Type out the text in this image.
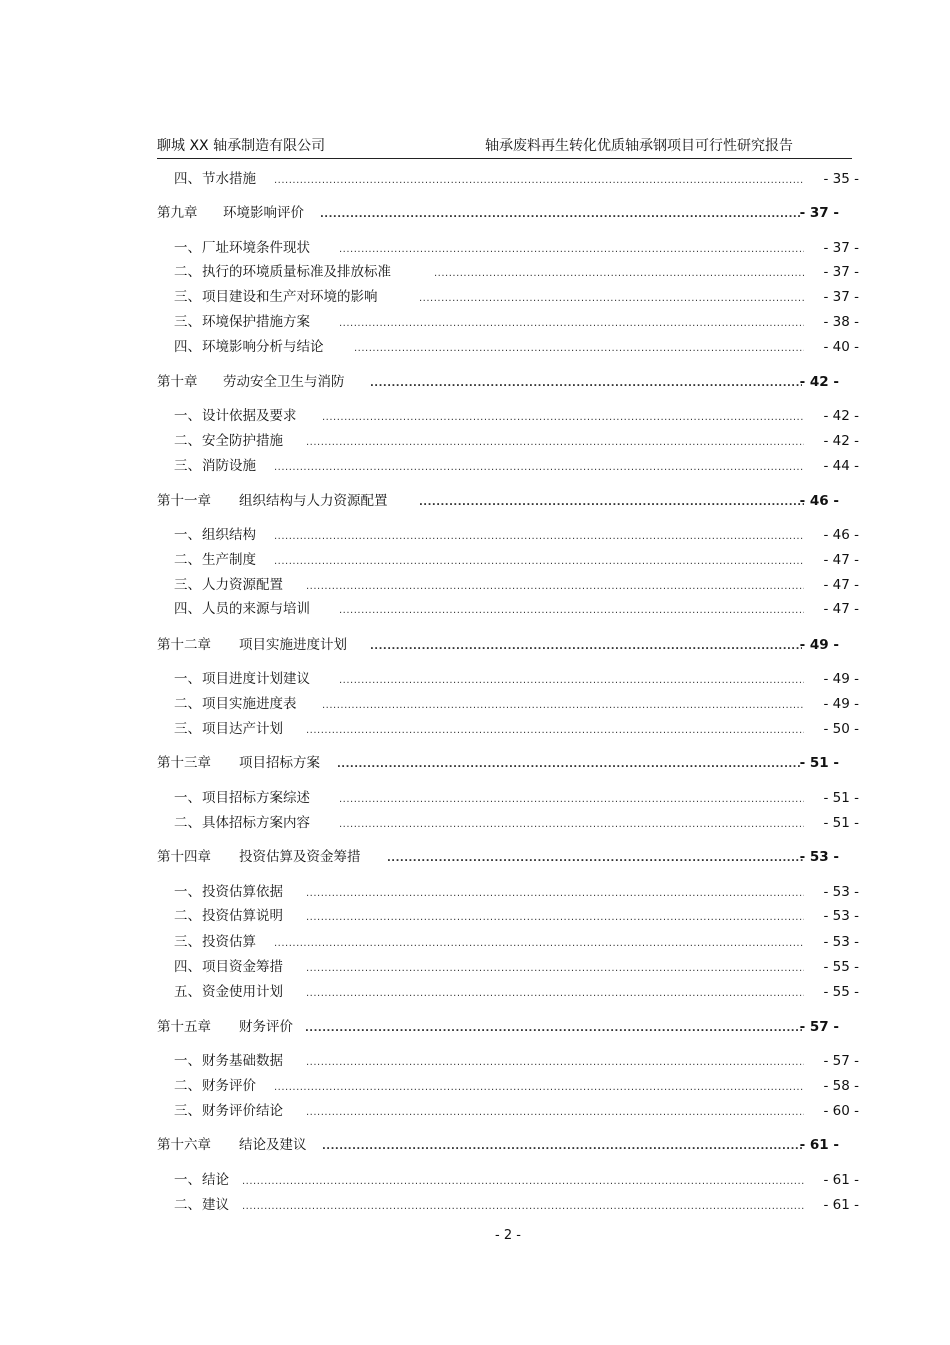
聊城 XX 轴承制造有限公司	轴承废料再生转化优质轴承钢项目可行性研究报告
四、 节水措施 .....	- 35 -
第九章 环境影响评价 .....	- 37 -
一、 厂址环境条件现状 .....	- 37 -
二、 执行的环境质量标准及排放标准 .....	- 37 -
三、 项目建设和生产对环境的影响 .....	- 37 -
三、 环境保护措施方案 .....	- 38 -
四、 环境影响分析与结论 .....	- 40 -
第十章 劳动安全卫生与消防 .....	- 42 -
一、 设计依据及要求 .....	- 42 -
二、 安全防护措施 .....	- 42 -
三、 消防设施 .....	- 44 -
第十一章 组织结构与人力资源配置 .....	- 46 -
一、 组织结构 .....	- 46 -
二、 生产制度 .....	- 47 -
三、 人力资源配置 .....	- 47 -
四、 人员的来源与培训 .....	- 47 -
第十二章 项目实施进度计划 .....	- 49 -
一、 项目进度计划建议 .....	- 49 -
二、 项目实施进度表 .....	- 49 -
三、 项目达产计划 .....	- 50 -
第十三章 项目招标方案 .....	- 51 -
一、 项目招标方案综述 .....	- 51 -
二、 具体招标方案内容 .....	- 51 -
第十四章 投资估算及资金筹措 .....	- 53 -
一、 投资估算依据 .....	- 53 -
二、 投资估算说明 .....	- 53 -
三、 投资估算 .....	- 53 -
四、 项目资金筹措 .....	- 55 -
五、 资金使用计划 .....	- 55 -
第十五章 财务评价 .....	- 57 -
一、 财务基础数据 .....	- 57 -
二、 财务评价 .....	- 58 -
三、 财务评价结论 .....	- 60 -
第十六章 结论及建议 .....	- 61 -
一、 结论 .....	- 61 -
二、 建议 .....	- 61 -
- 2 -
